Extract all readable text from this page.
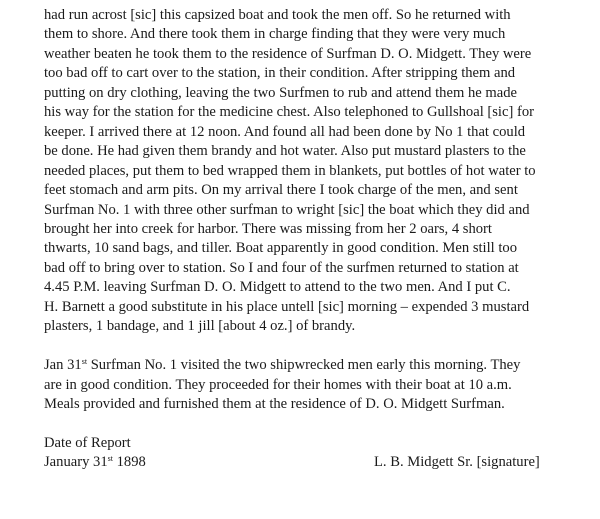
had run acrost [sic] this capsized boat and took the men off. So he returned with
them to shore. And there took them in charge finding that they were very much
weather beaten he took them to the residence of Surfman D. O. Midgett. They were
too bad off to cart over to the station, in their condition. After stripping them and
putting on dry clothing, leaving the two Surfmen to rub and attend them he made
his way for the station for the medicine chest. Also telephoned to Gullshoal [sic] for
keeper. I arrived there at 12 noon. And found all had been done by No 1 that could
be done. He had given them brandy and hot water. Also put mustard plasters to the
needed places, put them to bed wrapped them in blankets, put bottles of hot water to
feet stomach and arm pits. On my arrival there I took charge of the men, and sent
Surfman No. 1 with three other surfman to wright [sic] the boat which they did and
brought her into creek for harbor. There was missing from her 2 oars, 4 short
thwarts, 10 sand bags, and tiller. Boat apparently in good condition. Men still too
bad off to bring over to station. So I and four of the surfmen returned to station at
4.45 P.M. leaving Surfman D. O. Midgett to attend to the two men. And I put C.
H. Barnett a good substitute in his place untell [sic] morning – expended 3 mustard
plasters, 1 bandage, and 1 jill [about 4 oz.] of brandy.

Jan 31st Surfman No. 1 visited the two shipwrecked men early this morning. They
are in good condition. They proceeded for their homes with their boat at 10 a.m.
Meals provided and furnished them at the residence of D. O. Midgett Surfman.

Date of Report
January 31st 1898	L. B. Midgett Sr. [signature]
